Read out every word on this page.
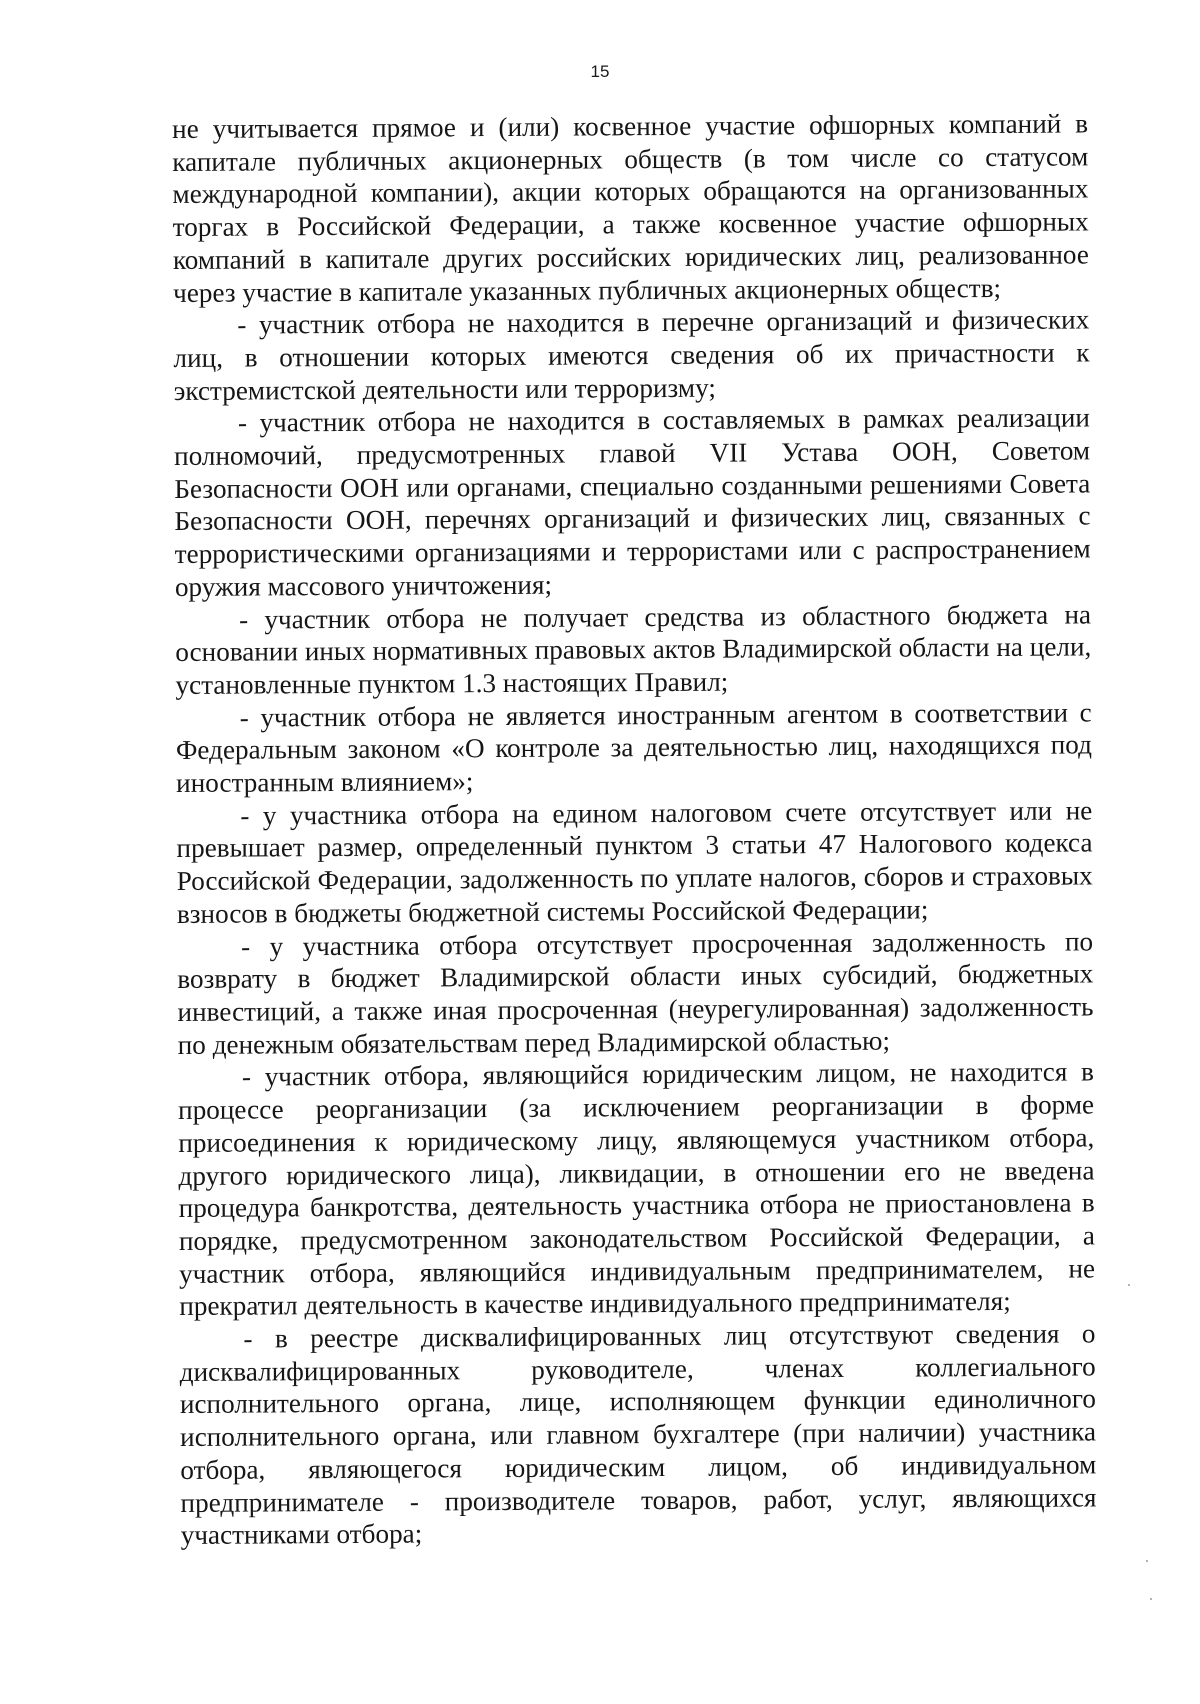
15

не учитывается прямое и (или) косвенное участие офшорных компаний в капитале публичных акционерных обществ (в том числе со статусом международной компании), акции которых обращаются на организованных торгах в Российской Федерации, а также косвенное участие офшорных компаний в капитале других российских юридических лиц, реализованное через участие в капитале указанных публичных акционерных обществ;

- участник отбора не находится в перечне организаций и физических лиц, в отношении которых имеются сведения об их причастности к экстремистской деятельности или терроризму;

- участник отбора не находится в составляемых в рамках реализации полномочий, предусмотренных главой VII Устава ООН, Советом Безопасности ООН или органами, специально созданными решениями Совета Безопасности ООН, перечнях организаций и физических лиц, связанных с террористическими организациями и террористами или с распространением оружия массового уничтожения;

- участник отбора не получает средства из областного бюджета на основании иных нормативных правовых актов Владимирской области на цели, установленные пунктом 1.3 настоящих Правил;

- участник отбора не является иностранным агентом в соответствии с Федеральным законом «О контроле за деятельностью лиц, находящихся под иностранным влиянием»;

- у участника отбора на едином налоговом счете отсутствует или не превышает размер, определенный пунктом 3 статьи 47 Налогового кодекса Российской Федерации, задолженность по уплате налогов, сборов и страховых взносов в бюджеты бюджетной системы Российской Федерации;

- у участника отбора отсутствует просроченная задолженность по возврату в бюджет Владимирской области иных субсидий, бюджетных инвестиций, а также иная просроченная (неурегулированная) задолженность по денежным обязательствам перед Владимирской областью;

- участник отбора, являющийся юридическим лицом, не находится в процессе реорганизации (за исключением реорганизации в форме присоединения к юридическому лицу, являющемуся участником отбора, другого юридического лица), ликвидации, в отношении его не введена процедура банкротства, деятельность участника отбора не приостановлена в порядке, предусмотренном законодательством Российской Федерации, а участник отбора, являющийся индивидуальным предпринимателем, не прекратил деятельность в качестве индивидуального предпринимателя;

- в реестре дисквалифицированных лиц отсутствуют сведения о дисквалифицированных руководителе, членах коллегиального исполнительного органа, лице, исполняющем функции единоличного исполнительного органа, или главном бухгалтере (при наличии) участника отбора, являющегося юридическим лицом, об индивидуальном предпринимателе - производителе товаров, работ, услуг, являющихся участниками отбора;
